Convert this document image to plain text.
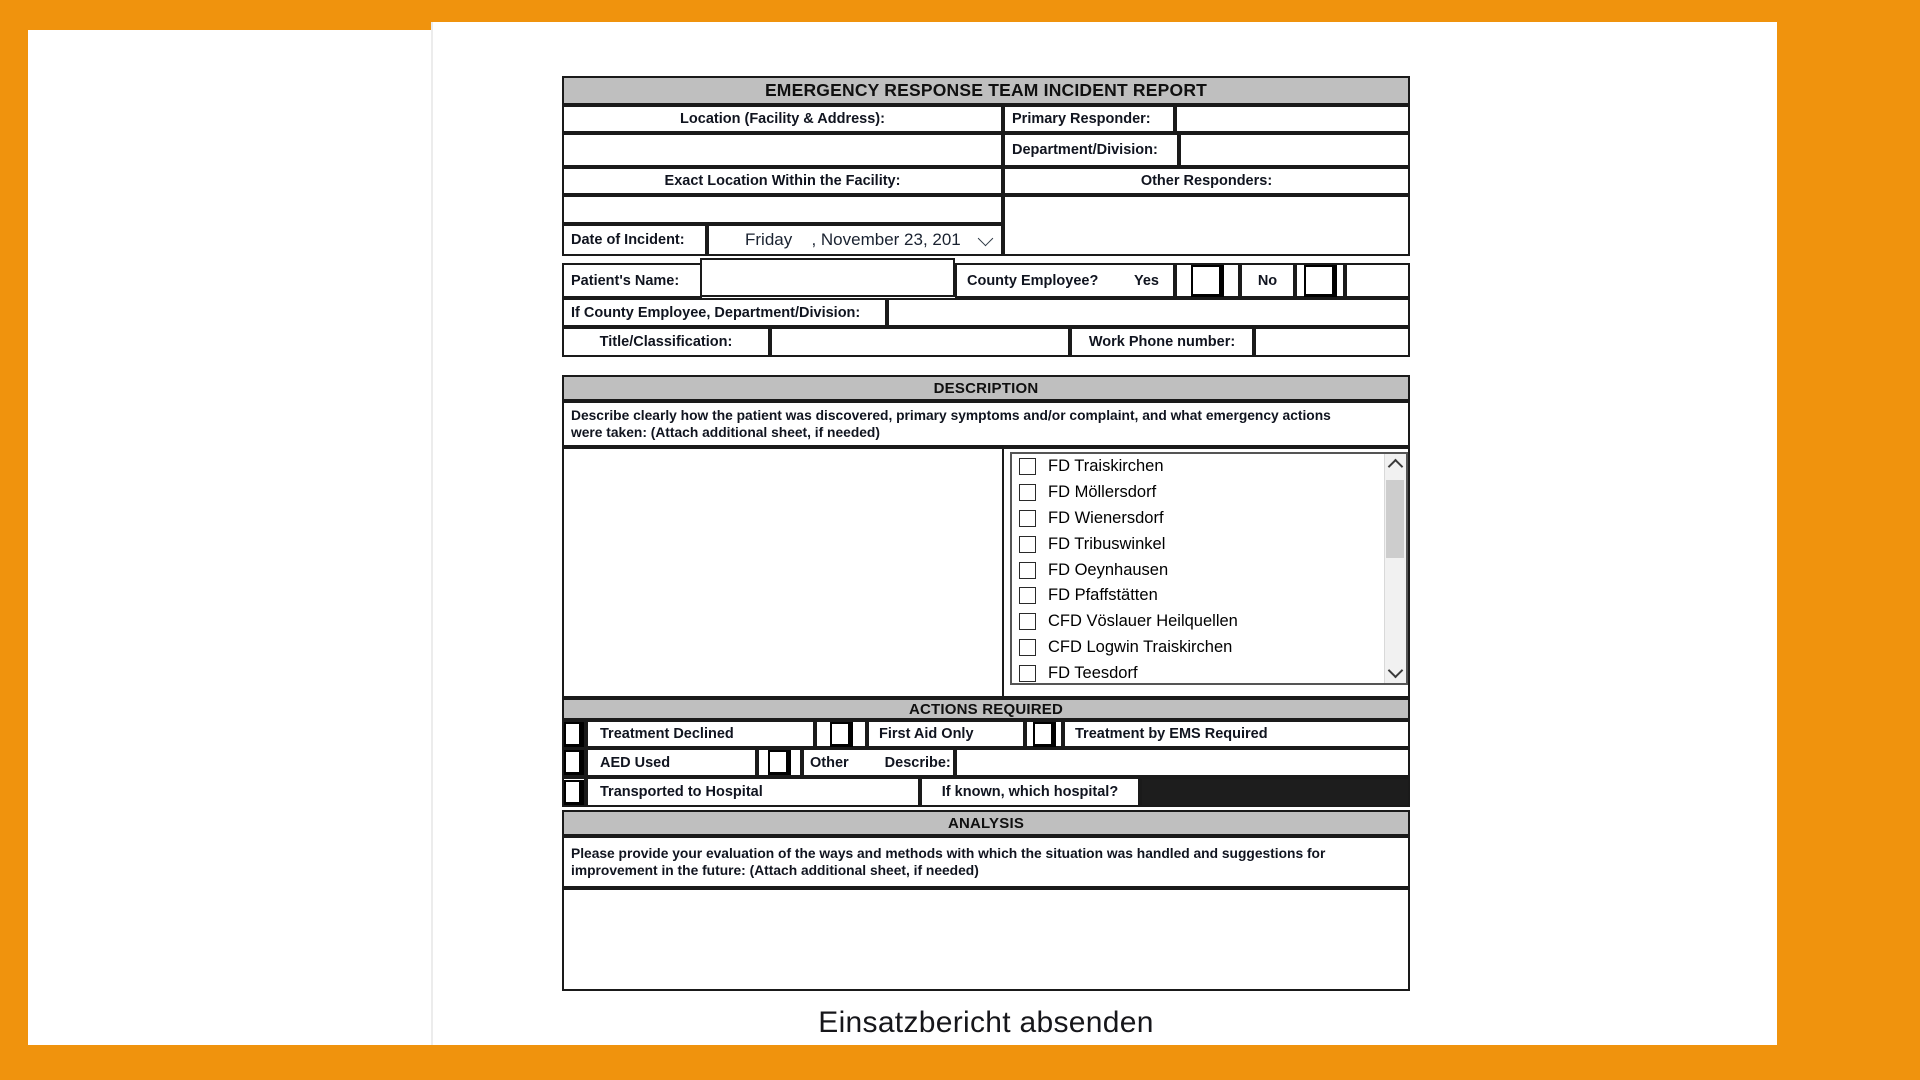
EMERGENCY RESPONSE TEAM INCIDENT REPORT
Location (Facility & Address):	Primary Responder:
Department/Division:
Exact Location Within the Facility:	Other Responders:
Date of Incident:	Friday , November 23, 201
Patient's Name:	County Employee? Yes	No
If County Employee, Department/Division:
Title/Classification:	Work Phone number:
DESCRIPTION
Describe clearly how the patient was discovered, primary symptoms and/or complaint, and what emergency actions
were taken: (Attach additional sheet, if needed)
FD Traiskirchen
FD Möllersdorf
FD Wienersdorf
FD Tribuswinkel
FD Oeynhausen
FD Pfaffstätten
CFD Vöslauer Heilquellen
CFD Logwin Traiskirchen
FD Teesdorf
ACTIONS REQUIRED
Treatment Declined	First Aid Only	Treatment by EMS Required
AED Used	Other Describe:
Transported to Hospital	If known, which hospital?
ANALYSIS
Please provide your evaluation of the ways and methods with which the situation was handled and suggestions for
improvement in the future: (Attach additional sheet, if needed)
Einsatzbericht absenden
